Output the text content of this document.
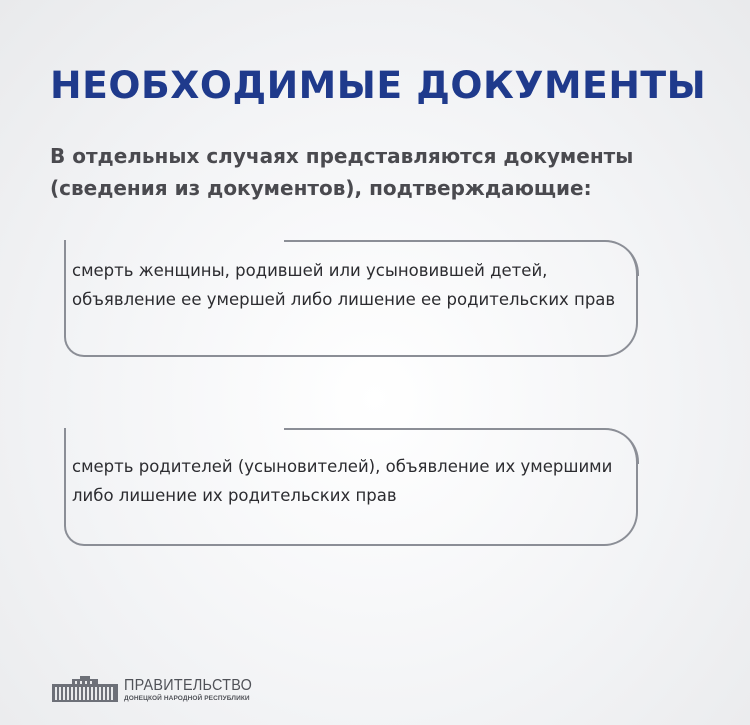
НЕОБХОДИМЫЕ ДОКУМЕНТЫ

В отдельных случаях представляются документы (сведения из документов), подтверждающие:

смерть женщины, родившей или усыновившей детей, объявление ее умершей либо лишение ее родительских прав

смерть родителей (усыновителей), объявление их умершими либо лишение их родительских прав

ПРАВИТЕЛЬСТВО
ДОНЕЦКОЙ НАРОДНОЙ РЕСПУБЛИКИ
